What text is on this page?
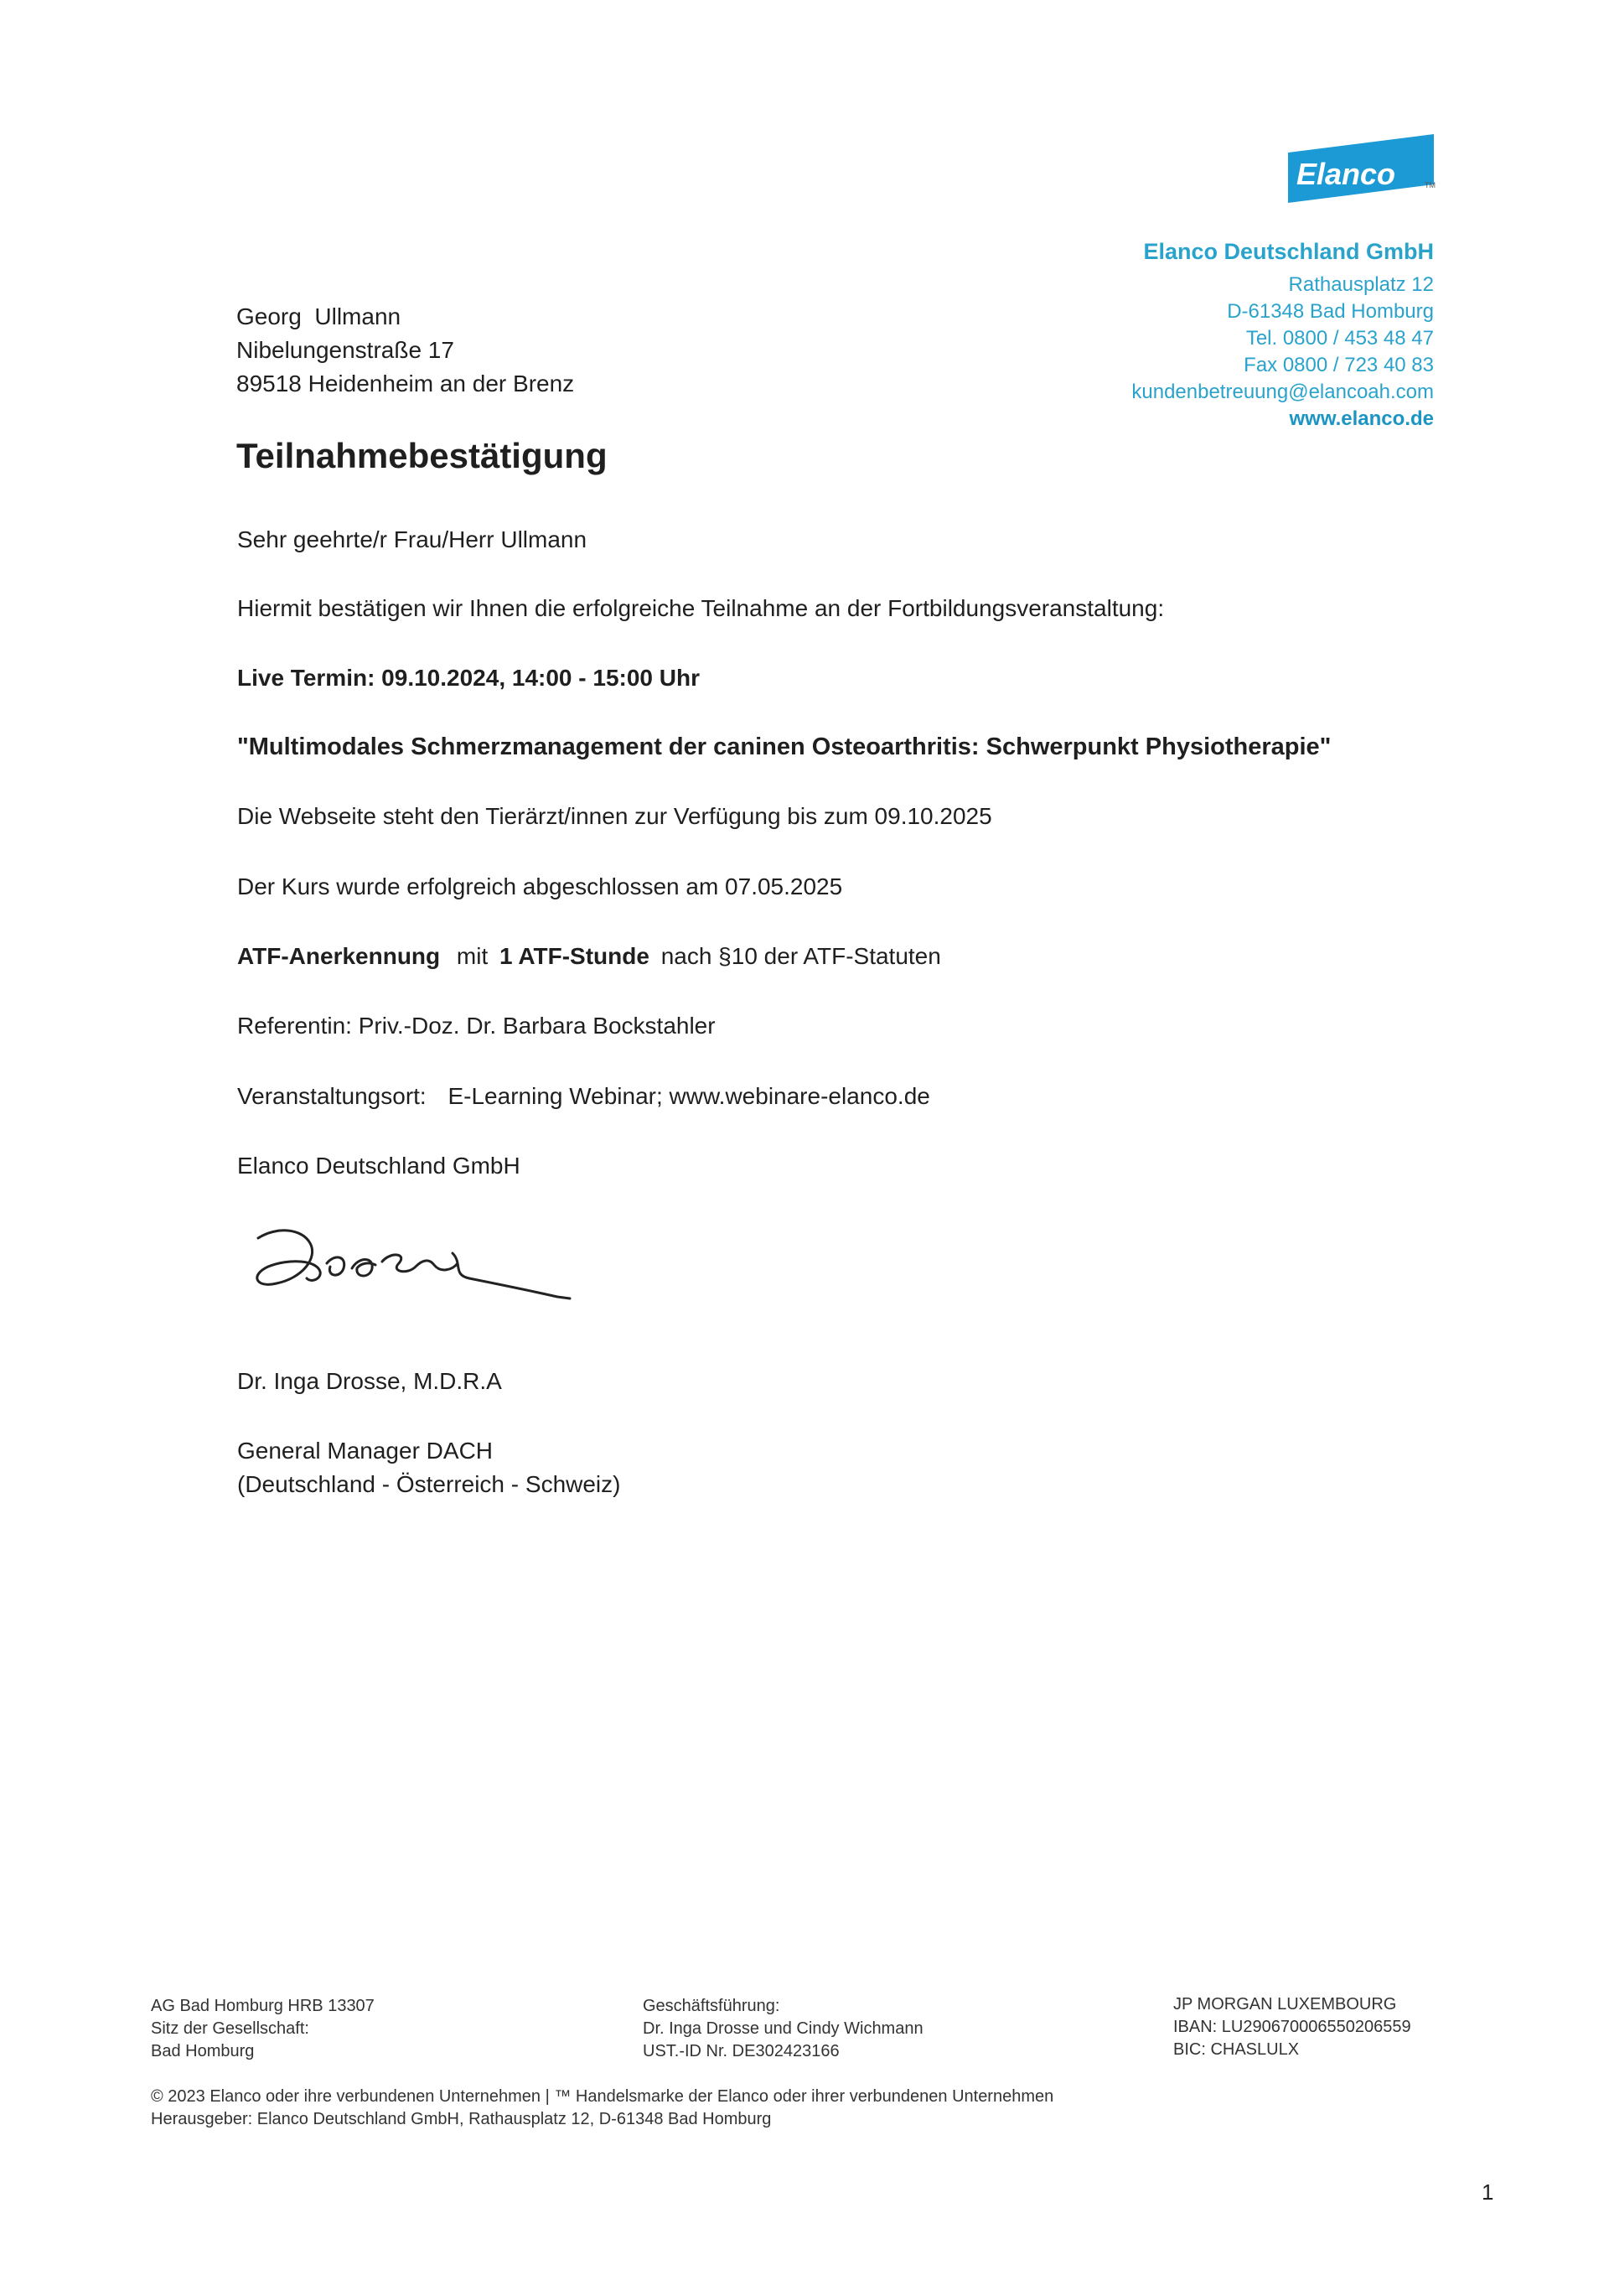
Elanco	TM
Elanco Deutschland GmbH
Rathausplatz 12
D-61348 Bad Homburg
Tel. 0800 / 453 48 47
Fax 0800 / 723 40 83
kundenbetreuung@elancoah.com
www.elanco.de
Georg  Ullmann
Nibelungenstraße 17
89518 Heidenheim an der Brenz
Teilnahmebestätigung
Sehr geehrte/r Frau/Herr Ullmann
Hiermit bestätigen wir Ihnen die erfolgreiche Teilnahme an der Fortbildungsveranstaltung:
Live Termin: 09.10.2024, 14:00 - 15:00 Uhr
"Multimodales Schmerzmanagement der caninen Osteoarthritis: Schwerpunkt Physiotherapie"
Die Webseite steht den Tierärzt/innen zur Verfügung bis zum 09.10.2025
Der Kurs wurde erfolgreich abgeschlossen am 07.05.2025
ATF-Anerkennung mit 1 ATF-Stunde nach §10 der ATF-Statuten
Referentin: Priv.-Doz. Dr. Barbara Bockstahler
Veranstaltungsort: E-Learning Webinar; www.webinare-elanco.de
Elanco Deutschland GmbH
Dr. Inga Drosse, M.D.R.A
General Manager DACH
(Deutschland - Österreich - Schweiz)
AG Bad Homburg HRB 13307
Sitz der Gesellschaft:
Bad Homburg
Geschäftsführung:
Dr. Inga Drosse und Cindy Wichmann
UST.-ID Nr. DE302423166
JP MORGAN LUXEMBOURG
IBAN: LU290670006550206559
BIC: CHASLULX
© 2023 Elanco oder ihre verbundenen Unternehmen | ™ Handelsmarke der Elanco oder ihrer verbundenen Unternehmen
Herausgeber: Elanco Deutschland GmbH, Rathausplatz 12, D-61348 Bad Homburg
1
